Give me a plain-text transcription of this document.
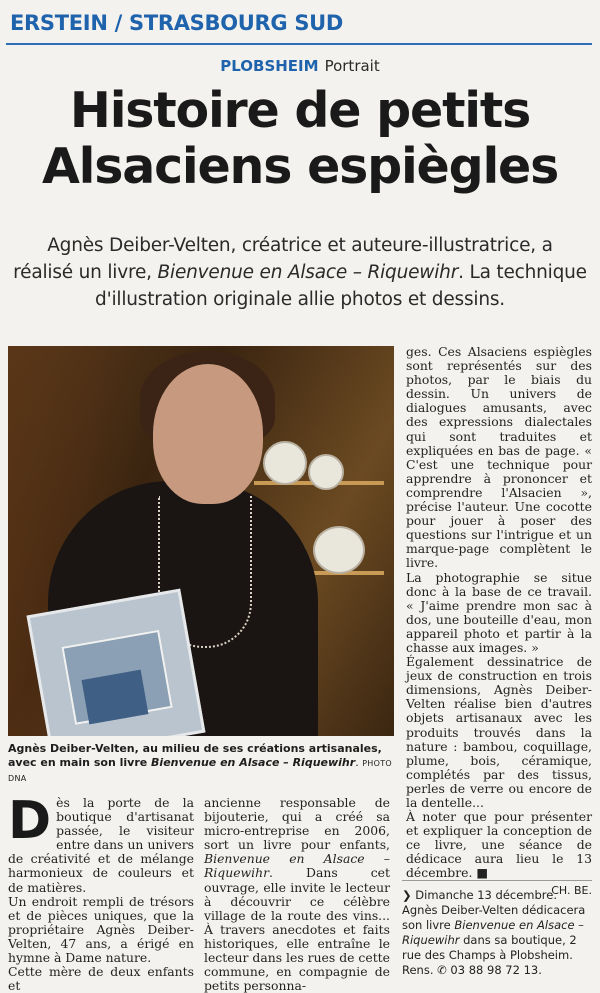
ERSTEIN / STRASBOURG SUD
PLOBSHEIM Portrait
Histoire de petits
Alsaciens espiègles
Agnès Deiber-Velten, créatrice et auteure-illustratrice, a
réalisé un livre, Bienvenue en Alsace – Riquewihr. La technique
d'illustration originale allie photos et dessins.
Agnès Deiber-Velten, au milieu de ses créations artisanales,
avec en main son livre Bienvenue en Alsace – Riquewihr. PHOTO DNA

ges. Ces Alsaciens espiègles sont représentés sur des photos, par le biais du dessin. Un univers de dialogues amusants, avec des expressions dialectales qui sont traduites et expliquées en bas de page. « C'est une technique pour apprendre à prononcer et comprendre l'Alsacien », précise l'auteur. Une cocotte pour jouer à poser des questions sur l'intrigue et un marque-page complètent le livre.

La photographie se situe donc à la base de ce travail. « J'aime prendre mon sac à dos, une bouteille d'eau, mon appareil photo et partir à la chasse aux images. »

Également dessinatrice de jeux de construction en trois dimensions, Agnès Deiber-Velten réalise bien d'autres objets artisanaux avec les produits trouvés dans la nature : bambou, coquillage, plume, bois, céramique, complétés par des tissus, perles de verre ou encore de la dentelle...

À noter que pour présenter et expliquer la conception de ce livre, une séance de dédicace aura lieu le 13 décembre. ■

CH. BE.

Dès la porte de la boutique d'artisanat passée, le visiteur entre dans un univers de créativité et de mélange harmonieux de couleurs et de matières.

Un endroit rempli de trésors et de pièces uniques, que la propriétaire Agnès Deiber-Velten, 47 ans, a érigé en hymne à Dame nature.

Cette mère de deux enfants et

ancienne responsable de bijouterie, qui a créé sa micro-entreprise en 2006, sort un livre pour enfants, Bienvenue en Alsace – Riquewihr. Dans cet ouvrage, elle invite le lecteur à découvrir ce célèbre village de la route des vins... À travers anecdotes et faits historiques, elle entraîne le lecteur dans les rues de cette commune, en compagnie de petits personna-

❯ Dimanche 13 décembre. Agnès Deiber-Velten dédicacera son livre Bienvenue en Alsace – Riquewihr dans sa boutique, 2 rue des Champs à Plobsheim. Rens. ✆ 03 88 98 72 13.
